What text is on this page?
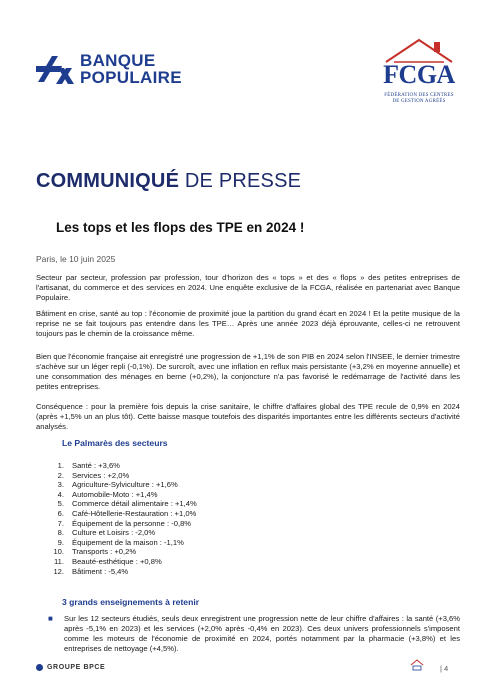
BANQUE
POPULAIRE	FCGA
FÉDÉRATION DES CENTRES
DE GESTION AGRÉÉS
COMMUNIQUÉ DE PRESSE
Les tops et les flops des TPE en 2024 !
Paris, le 10 juin 2025

Secteur par secteur, profession par profession, tour d'horizon des « tops » et des « flops » des petites entreprises de l'artisanat, du commerce et des services en 2024. Une enquête exclusive de la FCGA, réalisée en partenariat avec Banque Populaire.

Bâtiment en crise, santé au top : l'économie de proximité joue la partition du grand écart en 2024 ! Et la petite musique de la reprise ne se fait toujours pas entendre dans les TPE… Après une année 2023 déjà éprouvante, celles-ci ne retrouvent toujours pas le chemin de la croissance même.

Bien que l'économie française ait enregistré une progression de +1,1% de son PIB en 2024 selon l'INSEE, le dernier trimestre s'achève sur un léger repli (-0,1%). De surcroît, avec une inflation en reflux mais persistante (+3,2% en moyenne annuelle) et une consommation des ménages en berne (+0,2%), la conjoncture n'a pas favorisé le redémarrage de l'activité dans les petites entreprises.

Conséquence : pour la première fois depuis la crise sanitaire, le chiffre d'affaires global des TPE recule de 0,9% en 2024 (après +1,5% un an plus tôt). Cette baisse masque toutefois des disparités importantes entre les différents secteurs d'activité analysés.

Le Palmarès des secteurs
1. Santé : +3,6%
2. Services : +2,0%
3. Agriculture-Sylviculture : +1,6%
4. Automobile-Moto : +1,4%
5. Commerce détail alimentaire : +1,4%
6. Café-Hôtellerie-Restauration : +1,0%
7. Équipement de la personne : -0,8%
8. Culture et Loisirs : -2,0%
9. Équipement de la maison : -1,1%
10. Transports : +0,2%
11. Beauté-esthétique : +0,8%
12. Bâtiment : -5,4%
3 grands enseignements à retenir
■ Sur les 12 secteurs étudiés, seuls deux enregistrent une progression nette de leur chiffre d'affaires : la santé (+3,6% après -5,1% en 2023) et les services (+2,0% après -0,4% en 2023). Ces deux univers professionnels s'imposent comme les moteurs de l'économie de proximité en 2024, portés notamment par la pharmacie (+3,8%) et les entreprises de nettoyage (+4,5%).

GROUPE BPCE	| 4
